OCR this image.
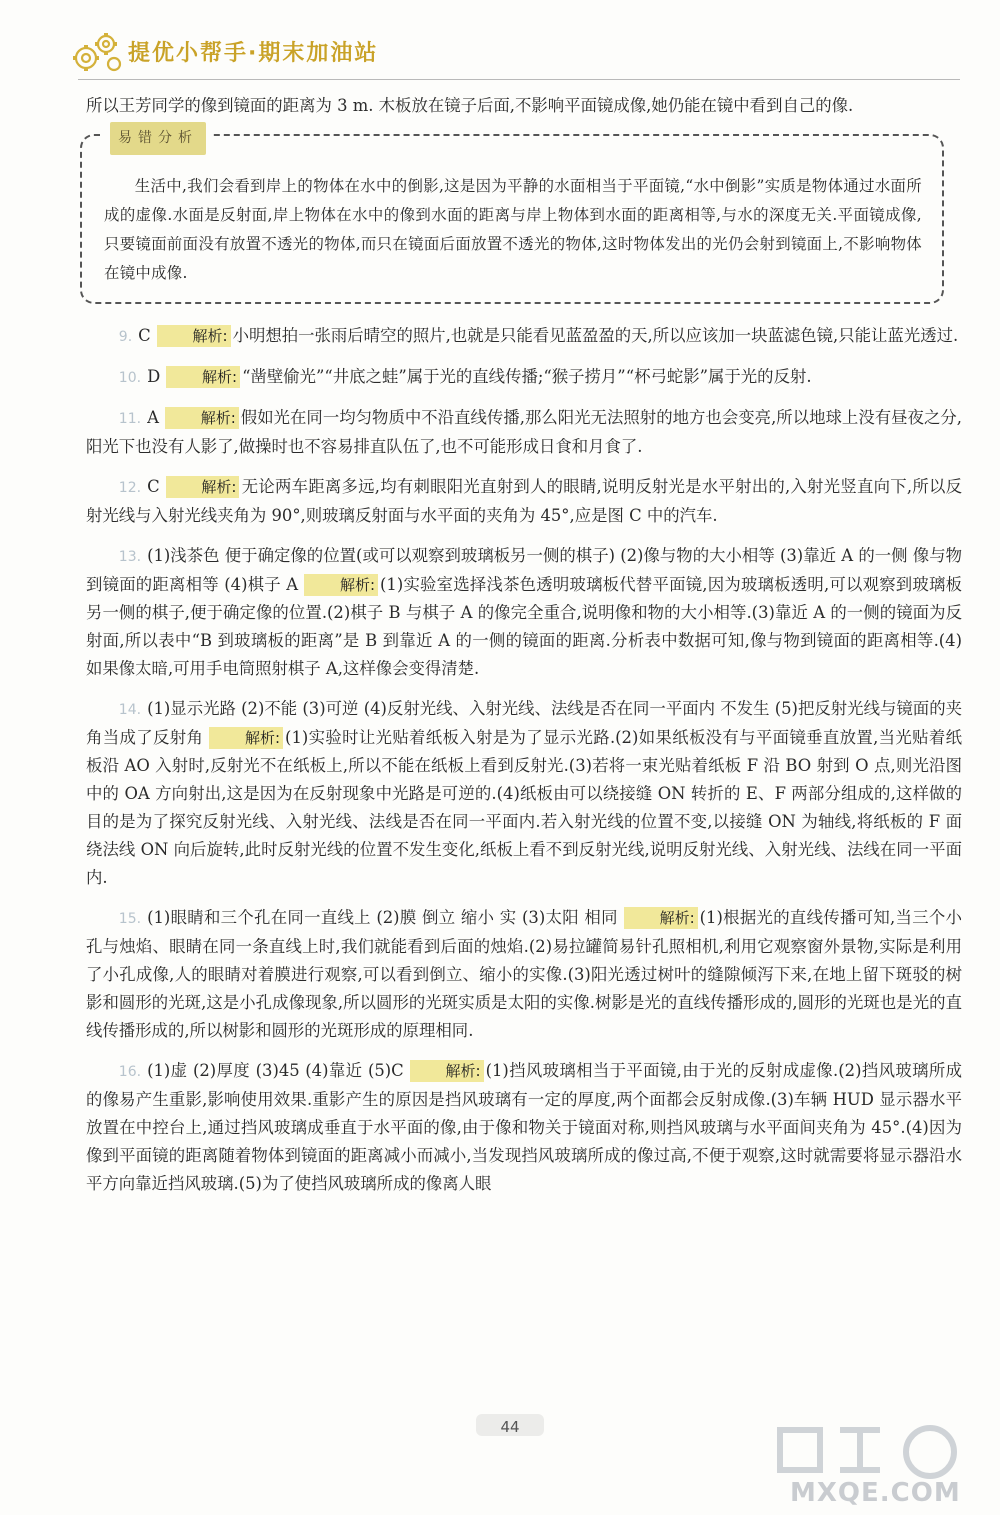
提优小帮手·期末加油站

所以王芳同学的像到镜面的距离为 3 m. 木板放在镜子后面,不影响平面镜成像,她仍能在镜中看到自己的像.

易错分析

生活中,我们会看到岸上的物体在水中的倒影,这是因为平静的水面相当于平面镜,“水中倒影”实质是物体通过水面所成的虚像.水面是反射面,岸上物体在水中的像到水面的距离与岸上物体到水面的距离相等,与水的深度无关.平面镜成像,只要镜面前面没有放置不透光的物体,而只在镜面后面放置不透光的物体,这时物体发出的光仍会射到镜面上,不影响物体在镜中成像.

9. C	解析: 小明想拍一张雨后晴空的照片,也就是只能看见蓝盈盈的天,所以应该加一块蓝滤色镜,只能让蓝光透过.

10. D	解析: “凿壁偷光”“井底之蛙”属于光的直线传播;“猴子捞月”“杯弓蛇影”属于光的反射.

11. A	解析: 假如光在同一均匀物质中不沿直线传播,那么阳光无法照射的地方也会变亮,所以地球上没有昼夜之分,阳光下也没有人影了,做操时也不容易排直队伍了,也不可能形成日食和月食了.

12. C	解析: 无论两车距离多远,均有刺眼阳光直射到人的眼睛,说明反射光是水平射出的,入射光竖直向下,所以反射光线与入射光线夹角为 90°,则玻璃反射面与水平面的夹角为 45°,应是图 C 中的汽车.

13. (1)浅茶色 便于确定像的位置(或可以观察到玻璃板另一侧的棋子) (2)像与物的大小相等 (3)靠近 A 的一侧 像与物到镜面的距离相等 (4)棋子 A	解析: (1)实验室选择浅茶色透明玻璃板代替平面镜,因为玻璃板透明,可以观察到玻璃板另一侧的棋子,便于确定像的位置.(2)棋子 B 与棋子 A 的像完全重合,说明像和物的大小相等.(3)靠近 A 的一侧的镜面为反射面,所以表中“B 到玻璃板的距离”是 B 到靠近 A 的一侧的镜面的距离.分析表中数据可知,像与物到镜面的距离相等.(4)如果像太暗,可用手电筒照射棋子 A,这样像会变得清楚.

14. (1)显示光路 (2)不能 (3)可逆 (4)反射光线、入射光线、法线是否在同一平面内 不发生 (5)把反射光线与镜面的夹角当成了反射角	解析: (1)实验时让光贴着纸板入射是为了显示光路.(2)如果纸板没有与平面镜垂直放置,当光贴着纸板沿 AO 入射时,反射光不在纸板上,所以不能在纸板上看到反射光.(3)若将一束光贴着纸板 F 沿 BO 射到 O 点,则光沿图中的 OA 方向射出,这是因为在反射现象中光路是可逆的.(4)纸板由可以绕接缝 ON 转折的 E、F 两部分组成的,这样做的目的是为了探究反射光线、入射光线、法线是否在同一平面内.若入射光线的位置不变,以接缝 ON 为轴线,将纸板的 F 面绕法线 ON 向后旋转,此时反射光线的位置不发生变化,纸板上看不到反射光线,说明反射光线、入射光线、法线在同一平面内.

15. (1)眼睛和三个孔在同一直线上 (2)膜 倒立 缩小 实 (3)太阳 相同	解析: (1)根据光的直线传播可知,当三个小孔与烛焰、眼睛在同一条直线上时,我们就能看到后面的烛焰.(2)易拉罐简易针孔照相机,利用它观察窗外景物,实际是利用了小孔成像,人的眼睛对着膜进行观察,可以看到倒立、缩小的实像.(3)阳光透过树叶的缝隙倾泻下来,在地上留下斑驳的树影和圆形的光斑,这是小孔成像现象,所以圆形的光斑实质是太阳的实像.树影是光的直线传播形成的,圆形的光斑也是光的直线传播形成的,所以树影和圆形的光斑形成的原理相同.

16. (1)虚 (2)厚度 (3)45 (4)靠近 (5)C	解析: (1)挡风玻璃相当于平面镜,由于光的反射成虚像.(2)挡风玻璃所成的像易产生重影,影响使用效果.重影产生的原因是挡风玻璃有一定的厚度,两个面都会反射成像.(3)车辆 HUD 显示器水平放置在中控台上,通过挡风玻璃成垂直于水平面的像,由于像和物关于镜面对称,则挡风玻璃与水平面间夹角为 45°.(4)因为像到平面镜的距离随着物体到镜面的距离减小而减小,当发现挡风玻璃所成的像过高,不便于观察,这时就需要将显示器沿水平方向靠近挡风玻璃.(5)为了使挡风玻璃所成的像离人眼

44
MXQE.COM
